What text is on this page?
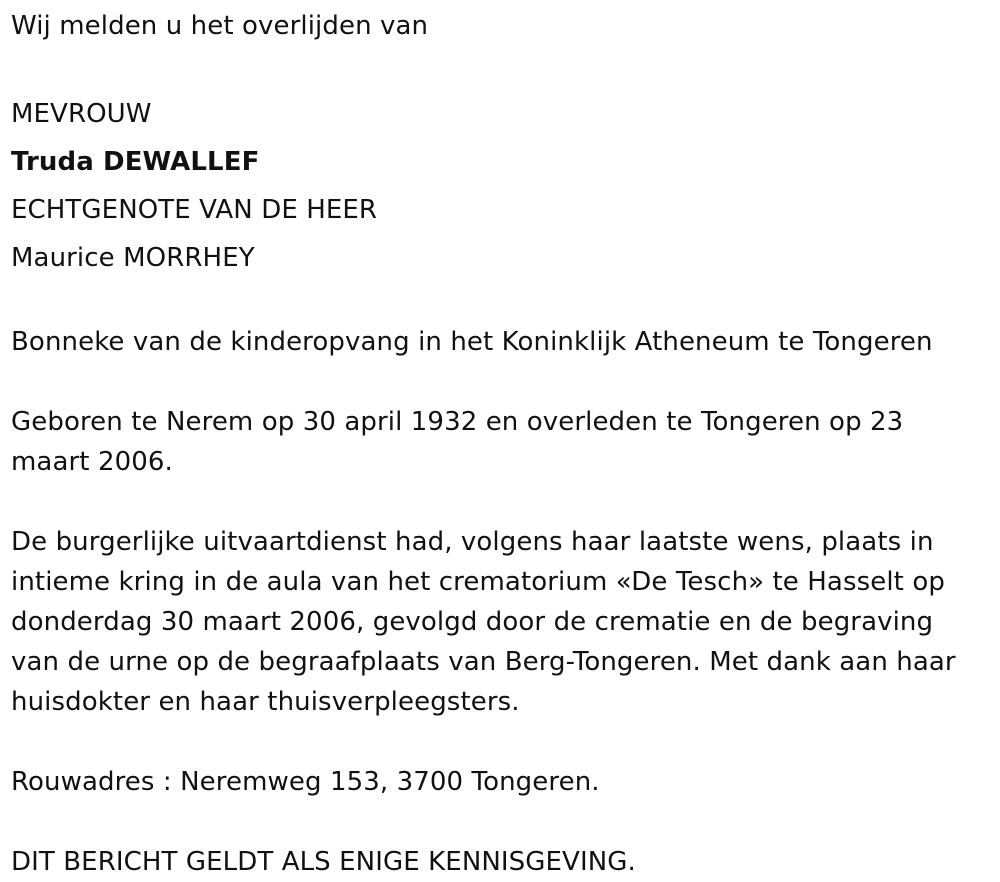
Wij melden u het overlijden van
MEVROUW
Truda DEWALLEF
ECHTGENOTE VAN DE HEER
Maurice MORRHEY
Bonneke van de kinderopvang in het Koninklijk Atheneum te Tongeren
Geboren te Nerem op 30 april 1932 en overleden te Tongeren op 23
maart 2006.
De burgerlijke uitvaartdienst had, volgens haar laatste wens, plaats in
intieme kring in de aula van het crematorium «De Tesch» te Hasselt op
donderdag 30 maart 2006, gevolgd door de crematie en de begraving
van de urne op de begraafplaats van Berg-Tongeren. Met dank aan haar
huisdokter en haar thuisverpleegsters.
Rouwadres : Neremweg 153, 3700 Tongeren.
DIT BERICHT GELDT ALS ENIGE KENNISGEVING.
